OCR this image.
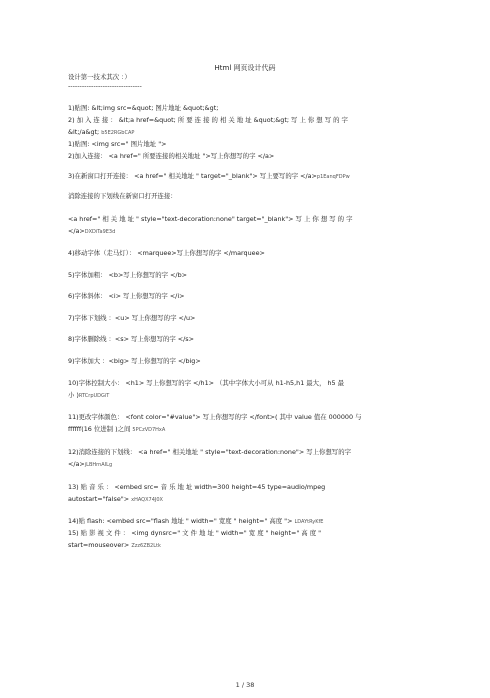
Html 网页设计代码
设计第一技术其次 ：）
--------------------------------
1)贴图: &lt;img src=&quot; 图片地址 &quot;&gt;
2) 加 入 连 接 ： &lt;a href=&quot; 所 要 连 接 的 相 关 地 址 &quot;&gt; 写 上 你 想 写 的 字
&lt;/a&gt; b5E2RGbCAP
1)贴图: <img src=" 图片地址 ">
2)加入连接： <a href=" 所要连接的相关地址 ">写上你想写的字 </a>
3)在新窗口打开连接： <a href=" 相关地址 " target="_blank"> 写上要写的字 </a>p1EanqFDPw
消除连接的下划线在新窗口打开连接：
<a href=" 相 关 地 址 " style="text-decoration:none" target="_blank"> 写 上 你 想 写 的 字
</a>DXDiTa9E3d
4)移动字体（走马灯）： <marquee>写上你想写的字 </marquee>
5)字体加粗： <b>写上你想写的字 </b>
6)字体斜体： <i> 写上你想写的字 </i>
7)字体下划线 ：<u> 写上你想写的字 </u>
8)字体删除线 ：<s> 写上你想写的字 </s>
9)字体加大 ：<big> 写上你想写的字 </big>
10)字体控制大小： <h1> 写上你想写的字 </h1> （其中字体大小可从 h1-h5,h1 最大， h5 最
小 )RTCrpUDGiT
11)更改字体颜色： <font color="#value"> 写上你想写的字 </font>( 其中 value 值在 000000 与
ffffff(16 位进制 )之间 5PCzVD7HxA
12)消除连接的下划线： <a href=" 相关地址 " style="text-decoration:none"> 写上你想写的字
</a>jLBHrnAILg
13) 贴 音 乐 ： <embed src= 音 乐 地 址 width=300 height=45 type=audio/mpeg
autostart="false"> xHAQX74J0X
14)贴 flash: <embed src="flash 地址 " width=" 宽度 " height=" 高度 "> LDAYtRyKfE
15) 贴 影 视 文 件 ： <img dynsrc=" 文 件 地 址 " width=" 宽 度 " height=" 高 度 "
start=mouseover> Zzz6ZB2Ltk
1 / 38
